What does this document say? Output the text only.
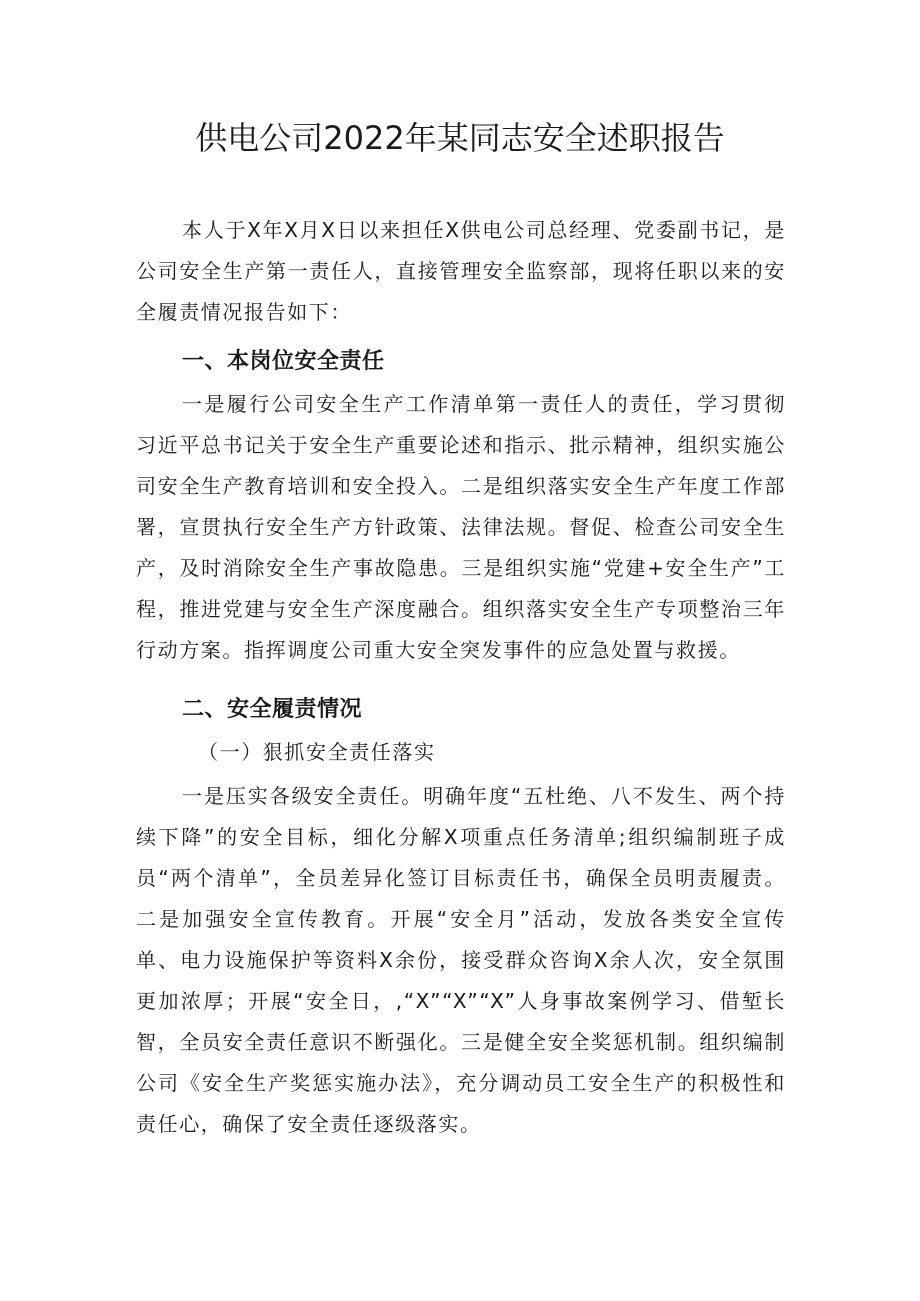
供电公司2022年某同志安全述职报告

本人于X年X月X日以来担任X供电公司总经理、党委副书记，是公司安全生产第一责任人，直接管理安全监察部，现将任职以来的安全履责情况报告如下：

一、本岗位安全责任

一是履行公司安全生产工作清单第一责任人的责任，学习贯彻习近平总书记关于安全生产重要论述和指示、批示精神，组织实施公司安全生产教育培训和安全投入。二是组织落实安全生产年度工作部署，宣贯执行安全生产方针政策、法律法规。督促、检查公司安全生产，及时消除安全生产事故隐患。三是组织实施“党建+安全生产”工程，推进党建与安全生产深度融合。组织落实安全生产专项整治三年行动方案。指挥调度公司重大安全突发事件的应急处置与救援。

二、安全履责情况

（一）狠抓安全责任落实

一是压实各级安全责任。明确年度“五杜绝、八不发生、两个持续下降”的安全目标，细化分解X项重点任务清单;组织编制班子成员“两个清单”，全员差异化签订目标责任书，确保全员明责履责。二是加强安全宣传教育。开展“安全月”活动，发放各类安全宣传单、电力设施保护等资料X余份，接受群众咨询X余人次，安全氛围更加浓厚；开展“安全日，,“X”“X”“X”人身事故案例学习、借堑长智，全员安全责任意识不断强化。三是健全安全奖惩机制。组织编制公司《安全生产奖惩实施办法》，充分调动员工安全生产的积极性和责任心，确保了安全责任逐级落实。
